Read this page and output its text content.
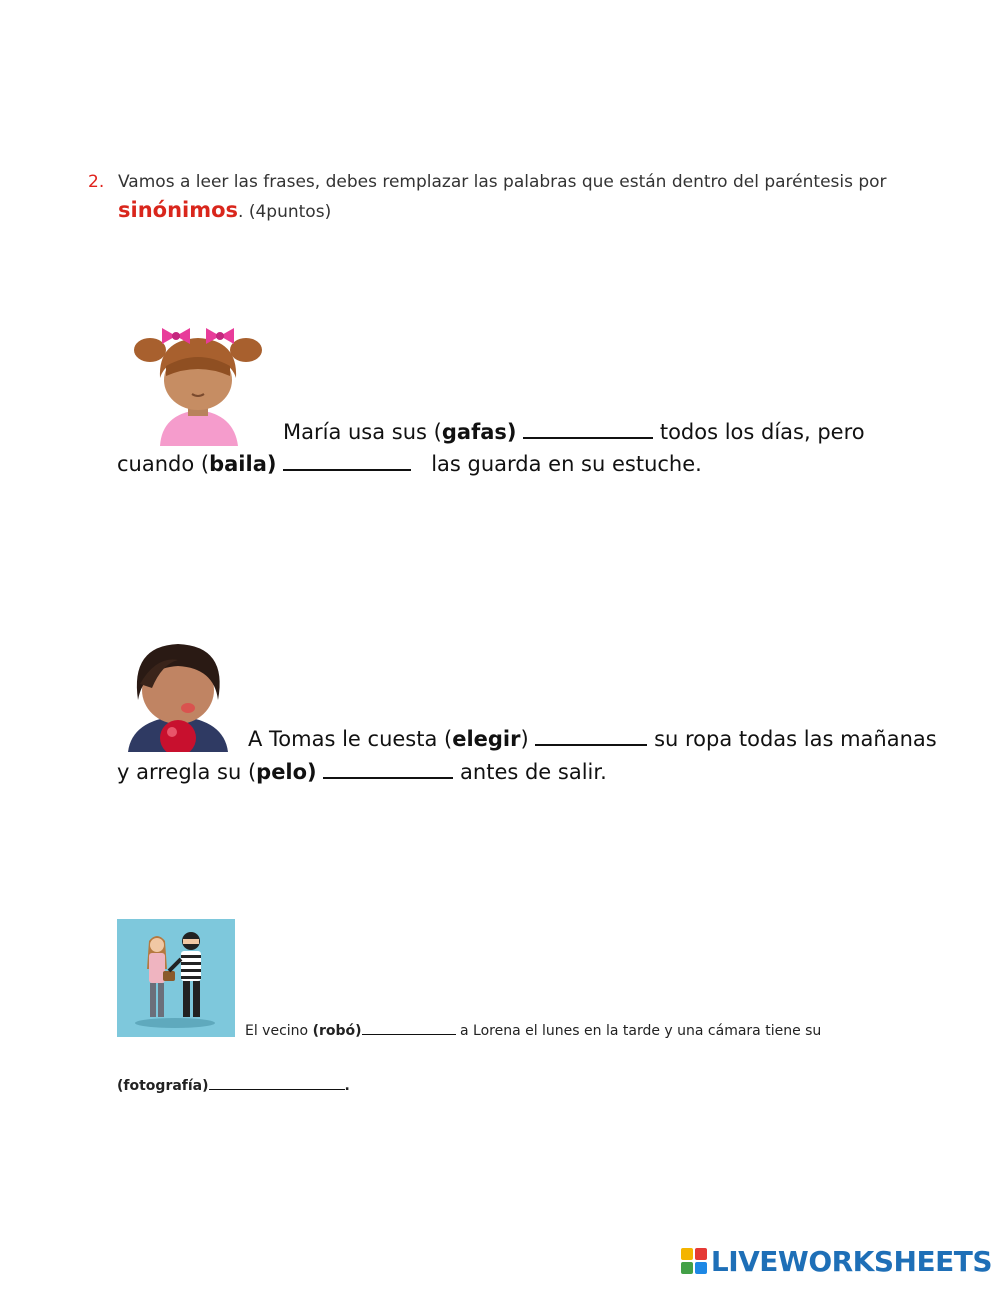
2. Vamos a leer las frases, debes remplazar las palabras que están dentro del paréntesis por
sinónimos. (4puntos)
María usa sus (gafas)	todos los días, pero
cuando (baila)	las guarda en su estuche.
A Tomas le cuesta (elegir)	su ropa todas las mañanas
y arregla su (pelo)	antes de salir.
El vecino (robó)	a Lorena el lunes en la tarde y una cámara tiene su
(fotografía)	.
LIVEWORKSHEETS
